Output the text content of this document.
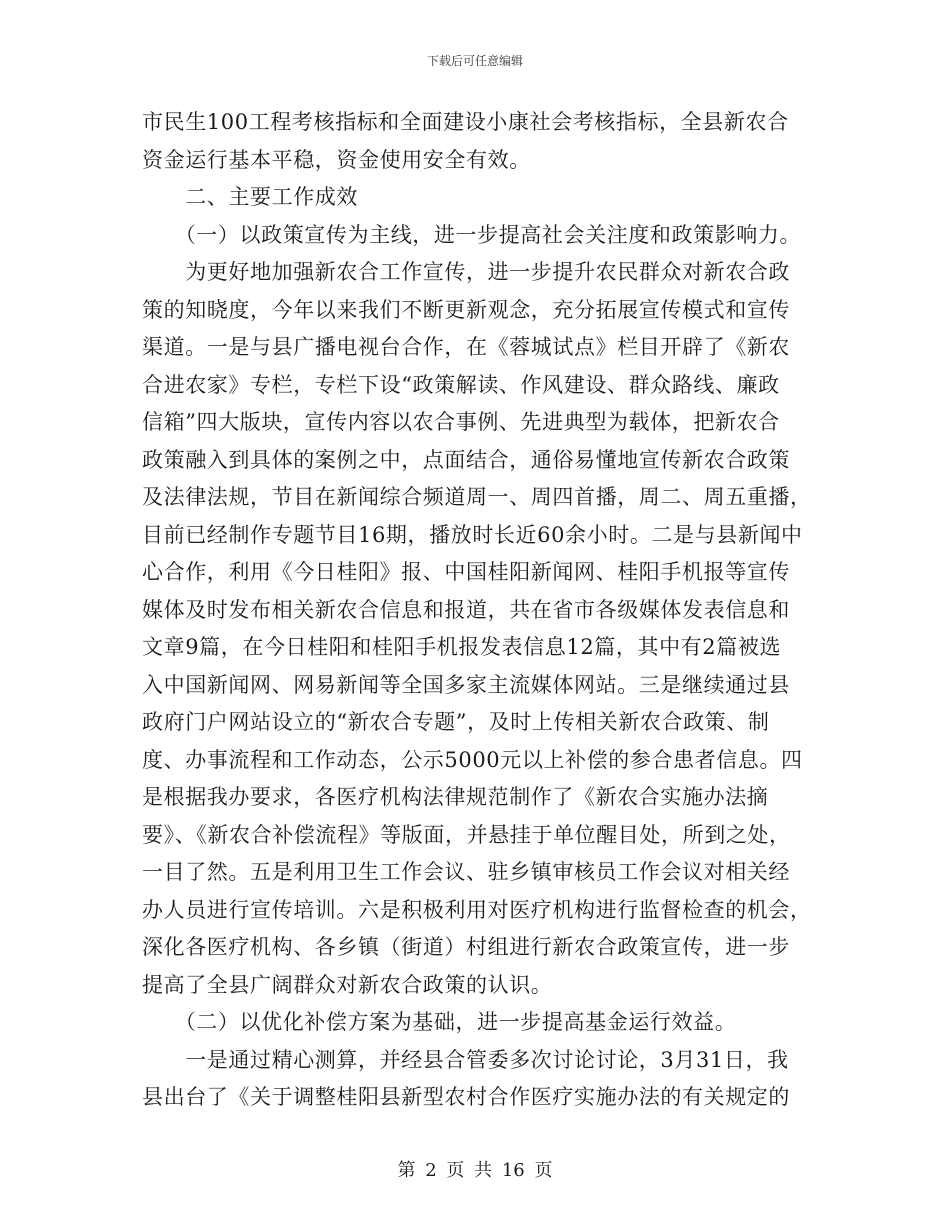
下载后可任意编辑
市民生100工程考核指标和全面建设小康社会考核指标，全县新农合
资金运行基本平稳，资金使用安全有效。
　　二、主要工作成效
　　（一）以政策宣传为主线，进一步提高社会关注度和政策影响力。
　　为更好地加强新农合工作宣传，进一步提升农民群众对新农合政
策的知晓度，今年以来我们不断更新观念，充分拓展宣传模式和宣传
渠道。一是与县广播电视台合作，在《蓉城试点》栏目开辟了《新农
合进农家》专栏，专栏下设“政策解读、作风建设、群众路线、廉政
信箱”四大版块，宣传内容以农合事例、先进典型为载体，把新农合
政策融入到具体的案例之中，点面结合，通俗易懂地宣传新农合政策
及法律法规，节目在新闻综合频道周一、周四首播，周二、周五重播，
目前已经制作专题节目16期，播放时长近60余小时。二是与县新闻中
心合作，利用《今日桂阳》报、中国桂阳新闻网、桂阳手机报等宣传
媒体及时发布相关新农合信息和报道，共在省市各级媒体发表信息和
文章9篇，在今日桂阳和桂阳手机报发表信息12篇，其中有2篇被选
入中国新闻网、网易新闻等全国多家主流媒体网站。三是继续通过县
政府门户网站设立的“新农合专题”，及时上传相关新农合政策、制
度、办事流程和工作动态，公示5000元以上补偿的参合患者信息。四
是根据我办要求，各医疗机构法律规范制作了《新农合实施办法摘
要》、《新农合补偿流程》等版面，并悬挂于单位醒目处，所到之处，
一目了然。五是利用卫生工作会议、驻乡镇审核员工作会议对相关经
办人员进行宣传培训。六是积极利用对医疗机构进行监督检查的机会，
深化各医疗机构、各乡镇（街道）村组进行新农合政策宣传，进一步
提高了全县广阔群众对新农合政策的认识。
　　（二）以优化补偿方案为基础，进一步提高基金运行效益。
　　一是通过精心测算，并经县合管委多次讨论讨论，3月31日，我
县出台了《关于调整桂阳县新型农村合作医疗实施办法的有关规定的
第 2 页 共 16 页
